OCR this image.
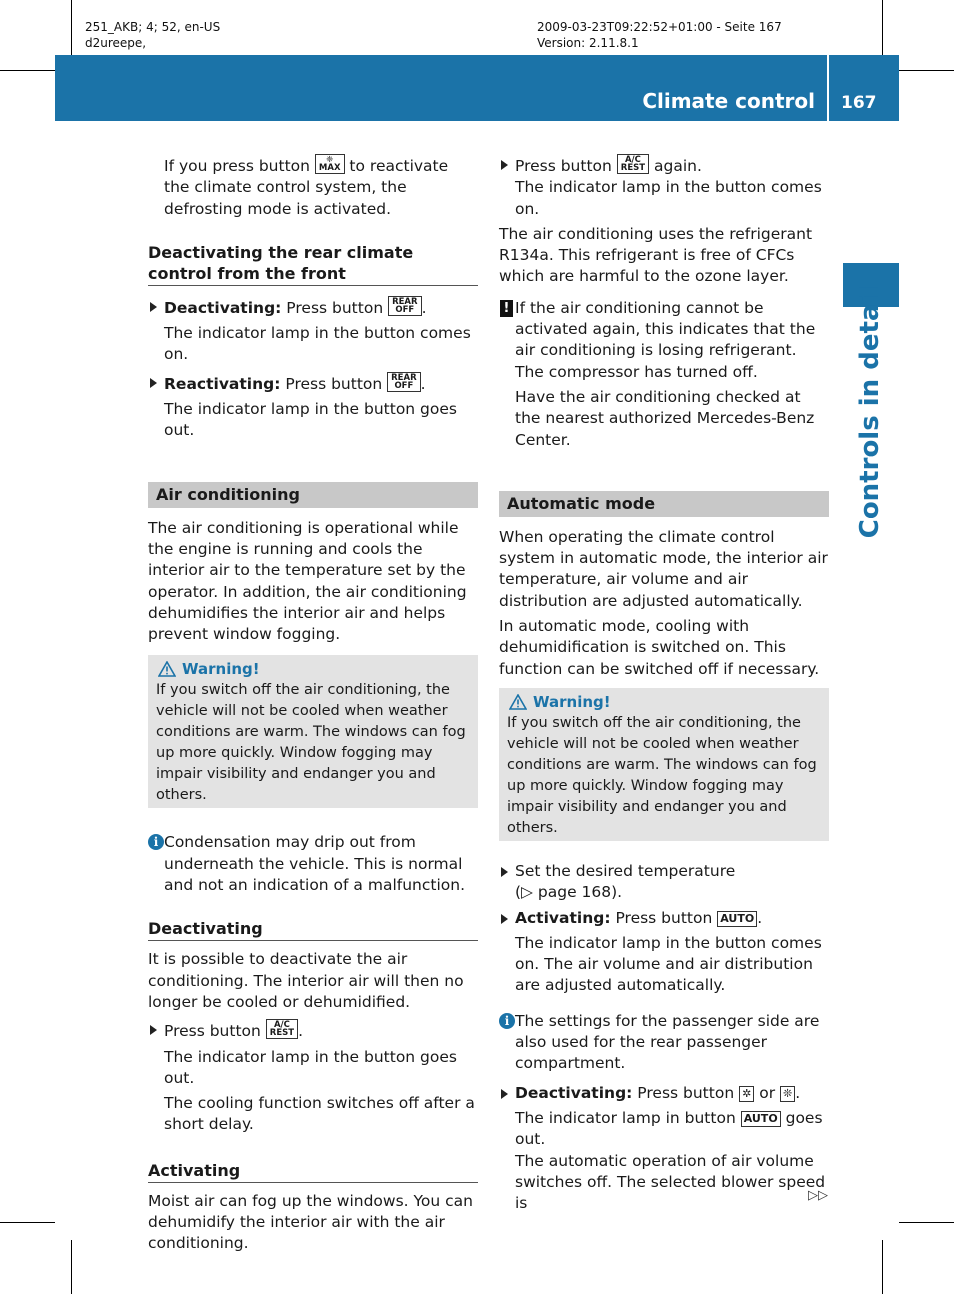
251_AKB; 4; 52, en-US
d2ureepe,
2009-03-23T09:22:52+01:00 - Seite 167
Version: 2.11.8.1
Climate control 167
Controls in detail

If you press button ❈
MAX to reactivate the climate control system, the defrosting mode is activated.

Deactivating the rear climate control from the front

Deactivating: Press button REAR
OFF .

The indicator lamp in the button comes on.

Reactivating: Press button REAR
OFF .

The indicator lamp in the button goes out.

Air conditioning

The air conditioning is operational while the engine is running and cools the interior air to the temperature set by the operator. In addition, the air conditioning dehumidifies the interior air and helps prevent window fogging.

Warning!
If you switch off the air conditioning, the vehicle will not be cooled when weather conditions are warm. The windows can fog up more quickly. Window fogging may impair visibility and endanger you and others.

i Condensation may drip out from underneath the vehicle. This is normal and not an indication of a malfunction.

Deactivating

It is possible to deactivate the air conditioning. The interior air will then no longer be cooled or dehumidified.

Press button A/C
REST .

The indicator lamp in the button goes out.

The cooling function switches off after a short delay.

Activating

Moist air can fog up the windows. You can dehumidify the interior air with the air conditioning.

Press button A/C
REST again.

The indicator lamp in the button comes on.

The air conditioning uses the refrigerant R134a. This refrigerant is free of CFCs which are harmful to the ozone layer.

! If the air conditioning cannot be activated again, this indicates that the air conditioning is losing refrigerant. The compressor has turned off.

Have the air conditioning checked at the nearest authorized Mercedes-Benz Center.

Automatic mode

When operating the climate control system in automatic mode, the interior air temperature, air volume and air distribution are adjusted automatically.

In automatic mode, cooling with dehumidification is switched on. This function can be switched off if necessary.

Warning!
If you switch off the air conditioning, the vehicle will not be cooled when weather conditions are warm. The windows can fog up more quickly. Window fogging may impair visibility and endanger you and others.

Set the desired temperature
(▷ page 168).

Activating: Press button AUTO .

The indicator lamp in the button comes on. The air volume and air distribution are adjusted automatically.

i The settings for the passenger side are also used for the rear passenger compartment.

Deactivating: Press button ✲ or ❊ .

The indicator lamp in button AUTO goes out.

The automatic operation of air volume switches off. The selected blower speed is	▷▷
